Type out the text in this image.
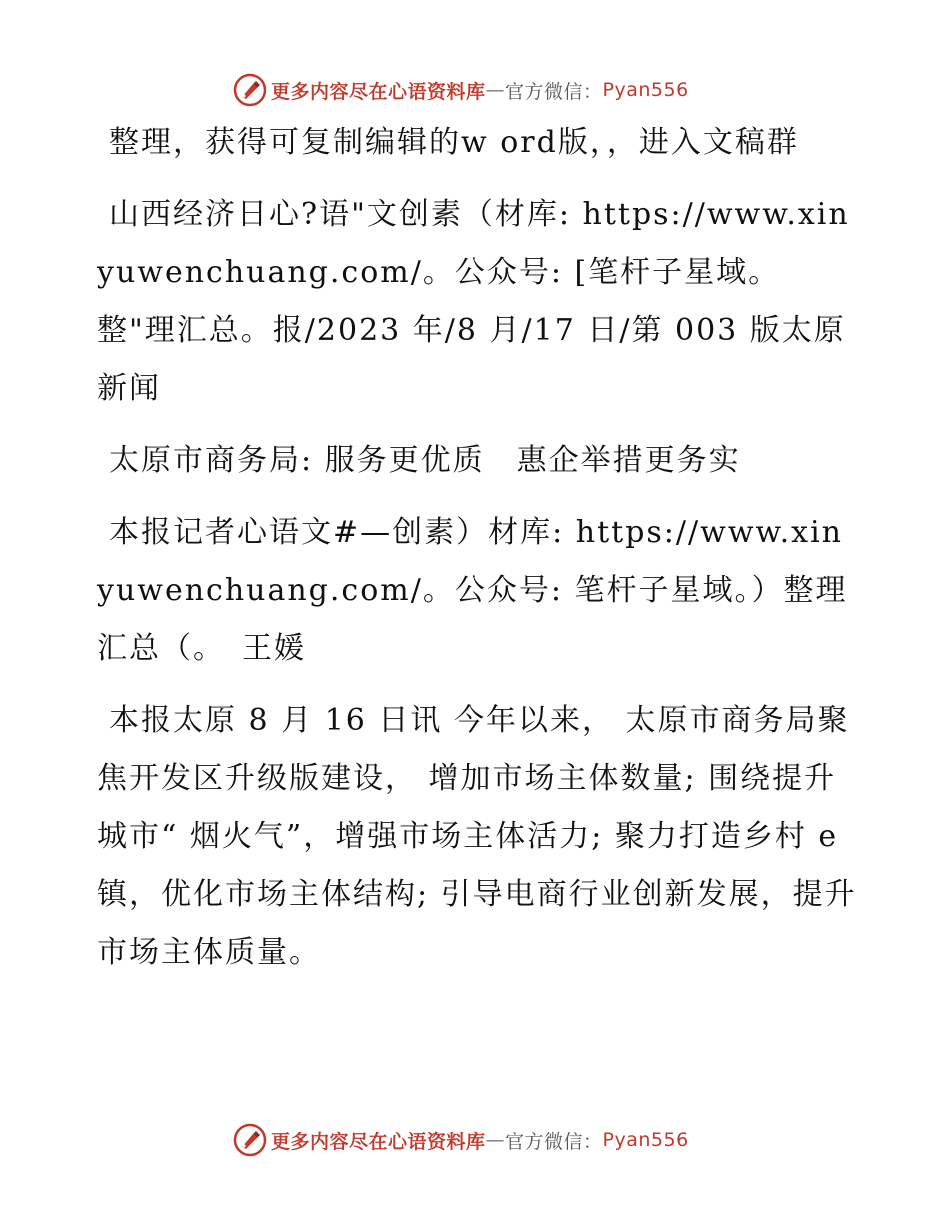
更多内容尽在心语资料库 — 官方微信： Pyan556

整理，获得可复制编辑的w ord版，，进入文稿群

山西经济日心?语"文创素（材库: https://www.xinyuwenchuang.com/。公众号: [笔杆子星域。整"理汇总。报/2023 年/8 月/17 日/第 003 版太原新闻

太原市商务局: 服务更优质　惠企举措更务实

本报记者心语文#—创素）材库: https://www.xinyuwenchuang.com/。公众号: 笔杆子星域。）整理汇总（。　王媛

本报太原 8 月 16 日讯 今年以来， 太原市商务局聚焦开发区升级版建设， 增加市场主体数量; 围绕提升城市“ 烟火气”，增强市场主体活力; 聚力打造乡村 e　镇，优化市场主体结构; 引导电商行业创新发展，提升市场主体质量。

更多内容尽在心语资料库 — 官方微信： Pyan556
